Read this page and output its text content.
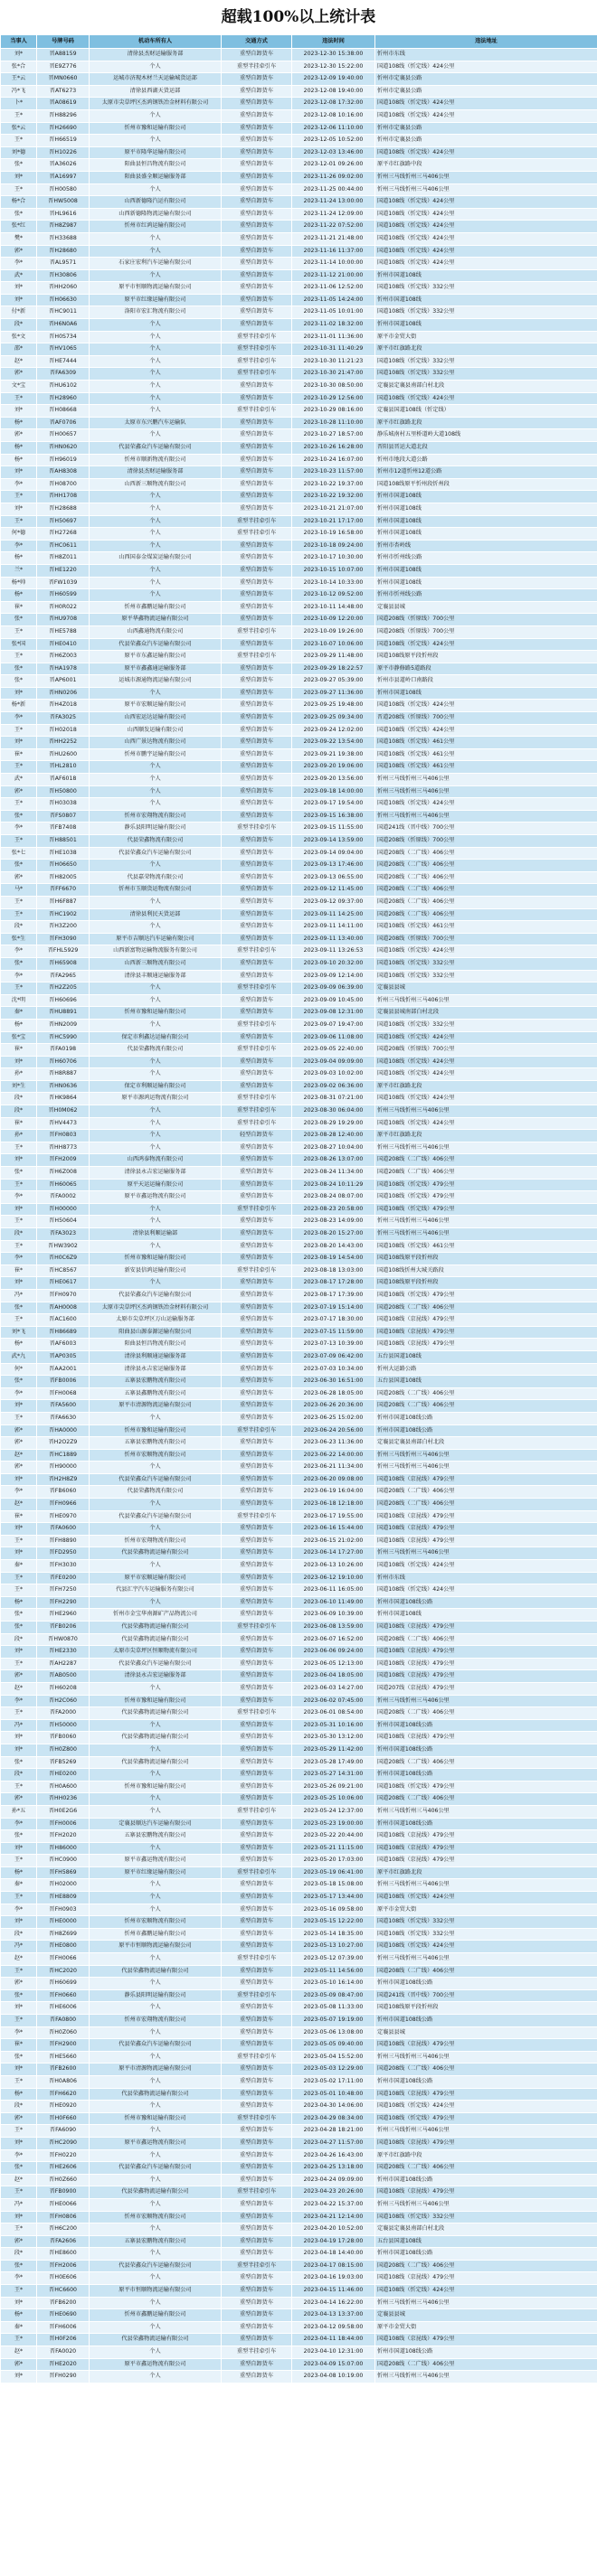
超载100%以上统计表
当事人	号牌号码	机动车所有人	交通方式	违法时间	违法地址
刘*	晋A88159	清徐县杰财运输服务部	重型自卸货车	2023-12-30 15:38:00	忻州市东线
张*合	晋E9Z776	个人	重型半挂牵引车	2023-12-30 15:22:00	国道108线（忻定线）424公里
王*云	晋MN0660	运城市济现木材兰天运输城货运部	重型自卸货车	2023-12-09 19:40:00	忻州市定襄县公路
冯*飞	晋AT6273	清徐县西湖天货运部	重型自卸货车	2023-12-08 19:40:00	忻州市定襄县公路
卜*	晋A08619	太原市尖草坪区杰鸿钢铁冶金材料有限公司	重型自卸货车	2023-12-08 17:32:00	国道108线（忻定线）424公里
王*	晋H88296	个人	重型自卸货车	2023-12-08 10:16:00	国道108线（忻定线）424公里
张*云	晋H26690	忻州市豫和运输有限公司	重型自卸货车	2023-12-06 11:10:00	忻州市定襄县公路
王*	晋H66519	个人	重型自卸货车	2023-12-05 10:52:00	忻州市定襄县公路
刘*德	晋H10226	原平市隆华运输有限公司	重型自卸货车	2023-12-03 13:46:00	国道108线（忻定线）424公里
张*	晋A36026	阳曲县恒昌物流有限公司	重型自卸货车	2023-12-01 09:26:00	原平市红旗路中段
刘*	晋A16997	阳曲县盛全顺运输服务部	重型自卸货车	2023-11-26 09:02:00	忻州三马线忻州三马406公里
王*	晋H00580	个人	重型自卸货车	2023-11-25 00:44:00	忻州三马线忻州三马406公里
杨*合	晋HW5008	山西新德隆汽运有限公司	重型自卸货车	2023-11-24 13:00:00	国道108线（忻定线）424公里
张*	晋HL9616	山西新德隆物流运输有限公司	重型自卸货车	2023-11-24 12:09:00	国道108线（忻定线）424公里
张*红	晋H8Z987	忻州市红鸿运输有限公司	重型自卸货车	2023-11-22 07:52:00	国道108线（忻定线）424公里
樊*	晋H33688	个人	重型自卸货车	2023-11-21 21:48:00	国道108线（忻定线）424公里
郭*	晋H28680	个人	重型自卸货车	2023-11-16 11:37:00	国道108线（忻定线）424公里
李*	晋AL9571	石家庄宏利汽车运输有限公司	重型自卸货车	2023-11-14 10:00:00	国道108线（忻定线）424公里
武*	晋H30806	个人	重型自卸货车	2023-11-12 21:00:00	忻州市国道108线
刘*	晋HH2060	原平市恒顺物流运输有限公司	重型自卸货车	2023-11-06 12:52:00	国道108线（忻定线）332公里
刘*	晋H06630	原平市红缘运输有限公司	重型自卸货车	2023-11-05 14:24:00	忻州市国道108线
付*新	晋HC9011	洛阳市宏汇物流有限公司	重型自卸货车	2023-11-05 10:01:00	国道108线（忻定线）332公里
段*	晋H6N0A6	个人	重型自卸货车	2023-11-02 18:32:00	忻州市国道108线
张*文	晋H0S734	个人	重型半挂牵引车	2023-11-01 11:36:00	原平市金贸大街
邵*	晋HV1065	个人	重型半挂牵引车	2023-10-31 11:40:29	原平市红旗路北段
赵*	晋HE7444	个人	重型半挂牵引车	2023-10-30 11:21:23	国道108线（忻定线）332公里
郭*	晋FA6309	个人	重型半挂牵引车	2023-10-30 21:47:00	国道108线（忻定线）332公里
文*宝	晋HU6102	个人	重型自卸货车	2023-10-30 08:50:00	定襄县定襄县南部白村北段
王*	晋H28960	个人	重型自卸货车	2023-10-29 12:56:00	国道108线（忻定线）424公里
刘*	晋H08668	个人	重型半挂牵引车	2023-10-29 08:16:00	定襄县国道108线（忻定线）
杨*	晋AF0706	太原市东兴鹏汽车运输队	重型自卸货车	2023-10-28 11:10:00	原平市红旗路北段
郭*	晋H00657	个人	重型自卸货车	2023-10-27 18:57:00	静乐城南村五里桥道岭大道108线
杨*	晋HN0620	代县荣鑫众汽车运输有限公司	重型自卸货车	2023-10-26 16:28:00	晋阳县晋运大道北段
杨*	晋H96019	忻州市顺新物流有限公司	重型自卸货车	2023-10-24 16:07:00	忻州市地段大道公路
刘*	晋AH8308	清徐县杰财运输服务部	重型自卸货车	2023-10-23 11:57:00	忻州市12道忻州12道公路
李*	晋H08700	山西新三顺物流有限公司	重型自卸货车	2023-10-22 19:37:00	国道108线原平忻州段忻州段
王*	晋HH1708	个人	重型自卸货车	2023-10-22 19:32:00	忻州市国道108线
刘*	晋H28688	个人	重型自卸货车	2023-10-21 21:07:00	忻州市国道108线
王*	晋H50697	个人	重型半挂牵引车	2023-10-21 17:17:00	忻州市国道108线
何*德	晋H27268	个人	重型半挂牵引车	2023-10-19 16:58:00	忻州市国道108线
李*	晋HC0611	个人	重型自卸货车	2023-10-18 09:24:00	忻州市杏岭线
杨*	晋H8Z011	山西国泰金煤炭运输有限公司	重型自卸货车	2023-10-17 10:30:00	忻州市忻州线公路
兰*	晋HE1220	个人	重型自卸货车	2023-10-15 10:07:00	忻州市国道108线
杨*帅	晋FW1039	个人	重型自卸货车	2023-10-14 10:33:00	忻州市国道108线
杨*	晋H60599	个人	重型自卸货车	2023-10-12 09:52:00	忻州市忻州线公路
崔*	晋H0R022	忻州市鑫鹏运输有限公司	重型自卸货车	2023-10-11 14:48:00	定襄县县城
张*	晋HU9708	原平华鑫物流运输有限公司	重型自卸货车	2023-10-09 12:20:00	国道208线（忻原线）700公里
王*	晋HE5788	山西鑫通物流有限公司	重型半挂牵引车	2023-10-09 19:26:00	国道208线（忻原线）700公里
张*国	晋HE0410	代县荣鑫众汽车运输有限公司	重型自卸货车	2023-10-07 10:06:00	国道108线（忻定线）424公里
王*	晋H6Z003	原平市东鑫运输有限公司	重型半挂牵引车	2023-09-29 11:48:00	国道108线原平段忻州段
张*	晋HA1978	原平市鑫鑫通运输服务部	重型自卸货车	2023-09-29 18:22:57	原平市静修路5道路段
张*	晋AP6001	运城市源通物流运输有限公司	重型自卸货车	2023-09-27 05:39:00	忻州市县道岭口南路段
刘*	晋HN0206	个人	重型自卸货车	2023-09-27 11:36:00	忻州市国道108线
杨*新	晋H4Z018	原平市宏顺运输有限公司	重型自卸货车	2023-09-25 19:48:00	国道108线（忻定线）424公里
李*	晋FA3025	山西宏运达运输有限公司	重型自卸货车	2023-09-25 09:34:00	晋道208线（忻原线）700公里
王*	晋H02018	山西顺发运输有限公司	重型自卸货车	2023-09-24 12:02:00	国道108线（忻定线）424公里
刘*	晋HH2252	山西广景达物流有限公司	重型自卸货车	2023-09-22 13:54:00	国道108线（忻定线）461公里
崔*	晋HU2600	忻州市鹏宇运输有限公司	重型自卸货车	2023-09-21 19:38:00	国道108线（忻定线）461公里
王*	晋HL2810	个人	重型自卸货车	2023-09-20 19:06:00	国道108线（忻定线）461公里
武*	晋AF6018	个人	重型自卸货车	2023-09-20 13:56:00	忻州三马线忻州三马406公里
郭*	晋H50800	个人	重型自卸货车	2023-09-18 14:00:00	忻州三马线忻州三马406公里
王*	晋H03038	个人	重型自卸货车	2023-09-17 19:54:00	国道108线（忻定线）424公里
张*	晋FS0807	忻州市宏翔物流有限公司	重型自卸货车	2023-09-15 16:38:00	忻州三马线忻州三马406公里
李*	晋FB7408	静乐县阳明运输有限公司	重型半挂牵引车	2023-09-15 11:55:00	国道241线（晋中线）700公里
王*	晋H88501	代县荣鑫物流有限公司	重型自卸货车	2023-09-14 13:59:00	国道208线（忻原线）700公里
张*七	晋HE1038	代县荣鑫众汽车运输有限公司	重型自卸货车	2023-09-14 09:04:00	国道208线（二广线）406公里
张*	晋H06650	个人	重型自卸货车	2023-09-13 17:46:00	国道208线（二广线）406公里
郭*	晋H82005	代县嘉荣物流有限公司	重型自卸货车	2023-09-13 06:55:00	国道208线（二广线）406公里
马*	晋FF6670	忻州市玉顺货运物流有限公司	重型自卸货车	2023-09-12 11:45:00	国道208线（二广线）406公里
王*	晋H6F887	个人	重型自卸货车	2023-09-12 09:37:00	国道208线（二广线）406公里
王*	晋HC1902	清徐县利民天货运部	重型自卸货车	2023-09-11 14:25:00	国道208线（二广线）406公里
段*	晋H3Z200	个人	重型自卸货车	2023-09-11 14:11:00	国道108线（忻定线）461公里
张*生	晋FH3090	原平市吉顺达汽车运输有限公司	重型自卸货车	2023-09-11 13:40:00	国道208线（忻原线）700公里
李*	晋FHL5929	山西新富物运输物流服务有限公司	重型半挂牵引车	2023-09-11 13:26:53	国道108线（忻定线）424公里
张*	晋H65908	山西新三顺物流有限公司	重型自卸货车	2023-09-10 20:32:00	国道108线（忻定线）332公里
李*	晋FA2965	清徐县丰顺通运输服务部	重型自卸货车	2023-09-09 12:14:00	国道108线（忻定线）332公里
王*	晋H2Z205	个人	重型半挂牵引车	2023-09-09 06:39:00	定襄县县城
沈*明	晋H60696	个人	重型自卸货车	2023-09-09 10:45:00	忻州三马线忻州三马406公里
秦*	晋HU8891	忻州市豫和运输有限公司	重型自卸货车	2023-09-08 12:31:00	定襄县县城南部白村北段
杨*	晋HN2009	个人	重型半挂牵引车	2023-09-07 19:47:00	国道108线（忻定线）332公里
张*宝	晋HC5990	保定市利鑫达运输有限公司	重型自卸货车	2023-09-06 11:08:00	国道108线（忻定线）424公里
崔*	晋FA0198	代县荣鑫物流有限公司	重型半挂牵引车	2023-09-05 22:40:00	国道208线（忻原线）700公里
刘*	晋H60706	个人	重型自卸货车	2023-09-04 09:09:00	国道108线（忻定线）424公里
孙*	晋H8R887	个人	重型自卸货车	2023-09-03 10:02:00	国道108线（忻定线）424公里
刘*生	晋HN0636	保定市利顺运输有限公司	重型自卸货车	2023-09-02 06:36:00	原平市红旗路北段
段*	晋HK9864	原平市源鸿运物流有限公司	重型半挂牵引车	2023-08-31 07:21:00	国道108线（忻定线）424公里
段*	晋H0M062	个人	重型半挂牵引车	2023-08-30 06:04:00	忻州三马线忻州三马406公里
崔*	晋HV4473	个人	重型半挂牵引车	2023-08-29 19:29:00	国道108线（忻定线）424公里
孙*	晋FH0803	个人	轻型自卸货车	2023-08-28 12:40:00	原平市红旗路北段
王*	晋HH8773	个人	重型自卸货车	2023-08-27 10:04:00	忻州三马线忻州三马406公里
刘*	晋FH2009	山西鸿泰物流有限公司	重型自卸货车	2023-08-26 13:07:00	国道208线（二广线）406公里
张*	晋H6Z008	清徐县永吉宏运输服务部	重型自卸货车	2023-08-24 11:34:00	国道208线（二广线）406公里
王*	晋H60065	原平天运运输有限公司	重型自卸货车	2023-08-24 10:11:29	国道108线（忻定线）479公里
李*	晋FA0002	原平市鑫运物流有限公司	重型自卸货车	2023-08-24 08:07:00	国道108线（忻定线）479公里
刘*	晋H00000	个人	重型半挂牵引车	2023-08-23 20:58:00	国道108线（忻定线）479公里
王*	晋H50604	个人	重型自卸货车	2023-08-23 14:09:00	忻州三马线忻州三马406公里
段*	晋FA3023	清徐县利顺运输部	重型自卸货车	2023-08-20 15:27:00	忻州三马线忻州三马406公里
王*	晋HW3902	个人	重型自卸货车	2023-08-20 14:43:00	国道108线（忻定线）461公里
李*	晋H0C6Z9	忻州市豫和运输有限公司	重型自卸货车	2023-08-19 14:54:00	国道108线原平段忻州段
崔*	晋HC8567	新安县信鸿运输有限公司	重型半挂牵引车	2023-08-18 13:03:00	国道108线忻州大城关路段
刘*	晋HE0617	个人	重型自卸货车	2023-08-17 17:28:00	国道108线原平段忻州段
冯*	晋FH0970	代县荣鑫众汽车运输有限公司	重型自卸货车	2023-08-17 17:39:00	国道108线（忻定线）479公里
张*	晋AH0008	太原市尖草坪区杰鸿钢铁冶金材料有限公司	重型自卸货车	2023-07-19 15:14:00	国道208线（二广线）406公里
王*	晋AC1600	太原市尖草坪区万山运输服务部	重型自卸货车	2023-07-17 18:30:00	国道108线（京昆线）479公里
刘*飞	晋H86689	阳曲县山源泰源运输有限公司	重型自卸货车	2023-07-15 11:59:00	国道108线（京昆线）479公里
杨*	晋AF6003	阳曲县恒昌物流有限公司	重型自卸货车	2023-07-13 10:39:00	国道108线（京昆线）479公里
武*九	晋AP0305	清徐县利顺通运输服务部	重型自卸货车	2023-07-09 06:42:00	五台县国道108线
何*	晋AA2001	清徐县永吉宏运输服务部	重型自卸货车	2023-07-03 10:34:00	忻州大运路公路
张*	晋FB0006	五寨县宏鹏物流有限公司	重型自卸货车	2023-06-30 16:51:00	五台县国道108线
李*	晋FH0068	五寨县鑫鹏物流有限公司	重型自卸货车	2023-06-28 18:05:00	国道208线（二广线）406公里
刘*	晋FA5600	原平市清源物流运输有限公司	重型自卸货车	2023-06-26 20:36:00	国道208线（二广线）406公里
王*	晋FA6630	个人	重型自卸货车	2023-06-25 15:02:00	忻州市国道108线公路
郭*	晋HA0000	忻州市豫和运输有限公司	重型半挂牵引车	2023-06-24 20:56:00	忻州市国道108线公路
郭*	晋H2O2Z9	五寨县宏鹏物流有限公司	重型自卸货车	2023-06-23 11:36:00	定襄县定襄县南部白村北段
赵*	晋HC1889	忻州市宏顺物流有限公司	重型自卸货车	2023-06-22 14:00:00	忻州三马线忻州三马406公里
郭*	晋H90000	个人	重型自卸货车	2023-06-21 11:34:00	忻州三马线忻州三马406公里
刘*	晋H2H8Z9	代县荣鑫众汽车运输有限公司	重型自卸货车	2023-06-20 09:08:00	国道108线（京昆线）479公里
李*	晋FB6060	代县荣鑫物流有限公司	重型自卸货车	2023-06-19 16:04:00	国道208线（二广线）406公里
赵*	晋FH0966	个人	重型自卸货车	2023-06-18 12:18:00	国道208线（二广线）406公里
崔*	晋HE0970	代县荣鑫众汽车运输有限公司	重型半挂牵引车	2023-06-17 19:55:00	国道108线（京昆线）479公里
刘*	晋FA0600	个人	重型自卸货车	2023-06-16 15:44:00	国道108线（京昆线）479公里
王*	晋FH8890	忻州市宏翔物流有限公司	重型自卸货车	2023-06-15 21:02:00	国道108线（京昆线）479公里
刘*	晋FD2950	代县荣鑫物流运输有限公司	重型自卸货车	2023-06-14 17:27:00	忻州三马线忻州三马406公里
秦*	晋FH3030	个人	重型自卸货车	2023-06-13 10:26:00	国道108线（忻定线）424公里
王*	晋FE0200	原平市宏顺运输有限公司	重型自卸货车	2023-06-12 19:10:00	忻州市东线
王*	晋FH7250	代县汇宇汽车运输服务有限公司	重型自卸货车	2023-06-11 16:05:00	国道108线（忻定线）424公里
杨*	晋FH2290	个人	重型自卸货车	2023-06-10 11:49:00	忻州市国道108线公路
张*	晋HE2960	忻州市金宝华南源矿产品物流公司	重型自卸货车	2023-06-09 10:39:00	忻州市国道108线
张*	晋FB0206	代县荣鑫物流运输有限公司	重型半挂牵引车	2023-06-08 13:59:00	国道108线（京昆线）479公里
段*	晋HW0870	代县荣鑫物流运输有限公司	重型自卸货车	2023-06-07 16:52:00	国道208线（二广线）406公里
刘*	晋HE2330	太原市尖草坪区恒顺物流有限公司	重型自卸货车	2023-06-06 09:24:00	国道108线（京昆线）479公里
王*	晋AH2287	代县荣鑫众汽车运输有限公司	重型自卸货车	2023-06-05 12:13:00	国道108线（京昆线）479公里
郭*	晋AB0500	清徐县永吉宏运输服务部	重型自卸货车	2023-06-04 18:05:00	国道108线（京昆线）479公里
赵*	晋H60208	个人	重型自卸货车	2023-06-03 14:27:00	国道207线（京昆线）479公里
李*	晋H2C060	忻州市豫和运输有限公司	重型自卸货车	2023-06-02 07:45:00	忻州三马线忻州三马406公里
王*	晋FA2000	代县荣鑫物流运输有限公司	重型半挂牵引车	2023-06-01 08:54:00	国道208线（二广线）406公里
冯*	晋H50000	个人	重型自卸货车	2023-05-31 10:16:00	忻州市国道108线公路
刘*	晋FB0060	代县荣鑫物流运输有限公司	重型自卸货车	2023-05-30 13:12:00	国道108线（京昆线）479公里
刘*	晋H0Z800	个人	重型自卸货车	2023-05-29 11:42:00	忻州市国道108线公路
张*	晋FB5269	代县荣鑫物流运输有限公司	重型自卸货车	2023-05-28 17:49:00	国道208线（二广线）406公里
段*	晋HE0200	个人	重型自卸货车	2023-05-27 14:31:00	忻州市国道108线公路
王*	晋H0A600	忻州市豫和运输有限公司	重型自卸货车	2023-05-26 09:21:00	国道108线（忻定线）479公里
郭*	晋HH0236	个人	重型自卸货车	2023-05-25 10:06:00	国道208线（二广线）406公里
孙*五	晋H0E2G6	个人	重型半挂牵引车	2023-05-24 12:37:00	忻州三马线忻州三马406公里
李*	晋FH0006	定襄县顺达汽车运输有限公司	重型自卸货车	2023-05-23 19:00:00	忻州市国道108线公路
张*	晋FH2020	五寨县宏鹏物流有限公司	重型自卸货车	2023-05-22 20:44:00	国道108线（京昆线）479公里
刘*	晋H86000	个人	重型自卸货车	2023-05-21 11:15:00	国道108线（京昆线）479公里
王*	晋HC0900	原平市鑫运物流有限公司	重型自卸货车	2023-05-20 17:03:00	国道108线（京昆线）479公里
杨*	晋FH5869	原平市红缘运输有限公司	重型半挂牵引车	2023-05-19 06:41:00	原平市红旗路北段
秦*	晋H02000	个人	重型自卸货车	2023-05-18 15:08:00	忻州三马线忻州三马406公里
王*	晋HE8809	个人	重型自卸货车	2023-05-17 13:44:00	国道108线（忻定线）424公里
李*	晋FH0903	个人	重型自卸货车	2023-05-16 09:58:00	原平市金贸大街
刘*	晋HE0000	忻州市宏顺物流有限公司	重型自卸货车	2023-05-15 12:22:00	国道108线（忻定线）332公里
段*	晋H8Z699	忻州市鑫鹏运输有限公司	重型自卸货车	2023-05-14 18:35:00	国道108线（忻定线）332公里
冯*	晋HE0800	原平市恒顺物流运输有限公司	重型自卸货车	2023-05-13 10:27:00	国道108线（忻定线）424公里
赵*	晋FH0066	个人	重型半挂牵引车	2023-05-12 07:39:00	忻州三马线忻州三马406公里
王*	晋HC2020	代县荣鑫物流运输有限公司	重型自卸货车	2023-05-11 14:56:00	国道208线（二广线）406公里
郭*	晋H60699	个人	重型自卸货车	2023-05-10 16:14:00	忻州市国道108线公路
张*	晋FH0660	静乐县阳明运输有限公司	重型半挂牵引车	2023-05-09 08:47:00	国道241线（晋中线）700公里
刘*	晋HE6006	个人	重型自卸货车	2023-05-08 11:33:00	国道108线原平段忻州段
王*	晋FA0800	忻州市宏翔物流有限公司	重型自卸货车	2023-05-07 19:19:00	忻州市国道108线公路
李*	晋H0Z060	个人	重型自卸货车	2023-05-06 13:08:00	定襄县县城
崔*	晋FH2900	代县荣鑫众汽车运输有限公司	重型自卸货车	2023-05-05 09:40:00	国道108线（京昆线）479公里
张*	晋HE5660	个人	重型半挂牵引车	2023-05-04 15:52:00	忻州三马线忻州三马406公里
刘*	晋FB2600	原平市清源物流运输有限公司	重型自卸货车	2023-05-03 12:29:00	国道208线（二广线）406公里
王*	晋H0A806	个人	重型自卸货车	2023-05-02 17:11:00	忻州市国道108线公路
杨*	晋FH6620	代县荣鑫物流运输有限公司	重型自卸货车	2023-05-01 10:48:00	国道108线（京昆线）479公里
段*	晋HE0920	个人	重型自卸货车	2023-04-30 14:06:00	国道108线（忻定线）424公里
郭*	晋H0F660	忻州市豫和运输有限公司	重型半挂牵引车	2023-04-29 08:34:00	国道108线（忻定线）479公里
王*	晋FA6090	个人	重型自卸货车	2023-04-28 18:21:00	忻州三马线忻州三马406公里
刘*	晋HC2090	原平市鑫运物流有限公司	重型自卸货车	2023-04-27 11:57:00	国道108线（京昆线）479公里
李*	晋FH0220	个人	重型自卸货车	2023-04-26 16:43:00	原平市红旗路中段
张*	晋HE2606	代县荣鑫众汽车运输有限公司	重型自卸货车	2023-04-25 13:18:00	国道208线（二广线）406公里
赵*	晋H0Z660	个人	重型自卸货车	2023-04-24 09:09:00	忻州市国道108线公路
王*	晋FB0900	代县荣鑫物流运输有限公司	重型半挂牵引车	2023-04-23 20:26:00	国道108线（京昆线）479公里
冯*	晋HE0066	个人	重型自卸货车	2023-04-22 15:37:00	忻州三马线忻州三马406公里
刘*	晋FH0806	忻州市宏顺物流有限公司	重型自卸货车	2023-04-21 12:14:00	国道108线（忻定线）332公里
王*	晋H6C200	个人	重型自卸货车	2023-04-20 10:52:00	定襄县定襄县南部白村北段
郭*	晋FA2606	五寨县宏鹏物流有限公司	重型自卸货车	2023-04-19 17:28:00	五台县国道108线
段*	晋HE8600	个人	重型自卸货车	2023-04-18 14:40:00	忻州市国道108线公路
张*	晋FH2006	代县荣鑫众汽车运输有限公司	重型半挂牵引车	2023-04-17 08:15:00	国道208线（二广线）406公里
李*	晋H0E606	个人	重型自卸货车	2023-04-16 19:03:00	国道108线（京昆线）479公里
王*	晋HC6600	原平市恒顺物流运输有限公司	重型自卸货车	2023-04-15 11:46:00	国道108线（忻定线）424公里
刘*	晋FB6200	个人	重型自卸货车	2023-04-14 16:22:00	忻州三马线忻州三马406公里
杨*	晋HE0690	忻州市鑫鹏运输有限公司	重型自卸货车	2023-04-13 13:37:00	定襄县县城
秦*	晋FH6006	个人	重型自卸货车	2023-04-12 09:58:00	原平市金贸大街
王*	晋H0F206	代县荣鑫物流运输有限公司	重型自卸货车	2023-04-11 18:44:00	国道108线（京昆线）479公里
赵*	晋FA0020	个人	重型半挂牵引车	2023-04-10 12:31:00	忻州市国道108线公路
郭*	晋HE2020	原平市鑫运物流有限公司	重型自卸货车	2023-04-09 15:07:00	国道208线（二广线）406公里
刘*	晋FH0290	个人	重型自卸货车	2023-04-08 10:19:00	忻州三马线忻州三马406公里
